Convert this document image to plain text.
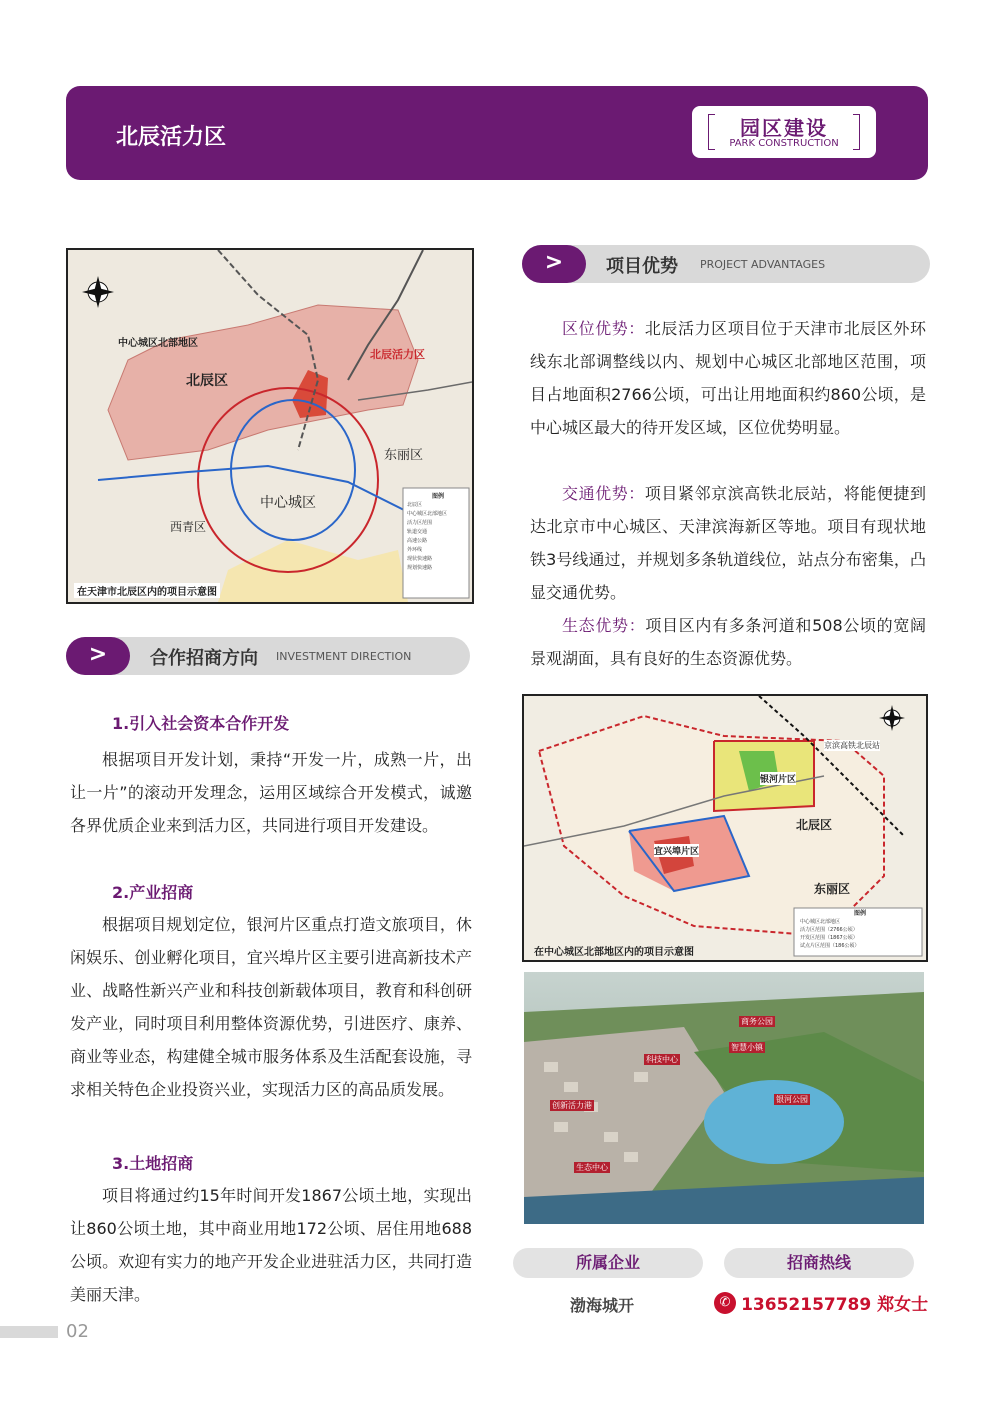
北辰活力区	园区建设
PARK CONSTRUCTION
中心城区北部地区
北辰活力区
北辰区
东丽区
中心城区
西青区
图例
北辰区
中心城区北部地区
活力区范围
轨道交通
高速公路
外环线
现状快速路
规划快速路
在天津市北辰区内的项目示意图
>	项目优势 PROJECT ADVANTAGES
区位优势：北辰活力区项目位于天津市北辰区外环线东北部调整线以内、规划中心城区北部地区范围，项目占地面积2766公顷，可出让用地面积约860公顷，是中心城区最大的待开发区域，区位优势明显。
交通优势：项目紧邻京滨高铁北辰站，将能便捷到达北京市中心城区、天津滨海新区等地。项目有现状地铁3号线通过，并规划多条轨道线位，站点分布密集，凸显交通优势。
生态优势：项目区内有多条河道和508公顷的宽阔景观湖面，具有良好的生态资源优势。
京滨高铁北辰站
银河片区
宜兴埠片区
北辰区
东丽区
图例
中心城区北部地区
活力区范围（2766公顷）
开发区范围（1867公顷）
试点片区范围（186公顷）
在中心城区北部地区内的项目示意图
科技中心
智慧小镇
商务公园
创新活力港
生态中心
银河公园
>	合作招商方向 INVESTMENT DIRECTION
1.引入社会资本合作开发
根据项目开发计划，秉持“开发一片，成熟一片，出让一片”的滚动开发理念，运用区域综合开发模式，诚邀各界优质企业来到活力区，共同进行项目开发建设。
2.产业招商
根据项目规划定位，银河片区重点打造文旅项目，休闲娱乐、创业孵化项目，宜兴埠片区主要引进高新技术产业、战略性新兴产业和科技创新载体项目，教育和科创研发产业，同时项目利用整体资源优势，引进医疗、康养、商业等业态，构建健全城市服务体系及生活配套设施，寻求相关特色企业投资兴业，实现活力区的高品质发展。
3.土地招商
项目将通过约15年时间开发1867公顷土地，实现出让860公顷土地，其中商业用地172公顷、居住用地688公顷。欢迎有实力的地产开发企业进驻活力区，共同打造美丽天津。
所属企业	招商热线
渤海城开	✆ 13652157789 郑女士
02
